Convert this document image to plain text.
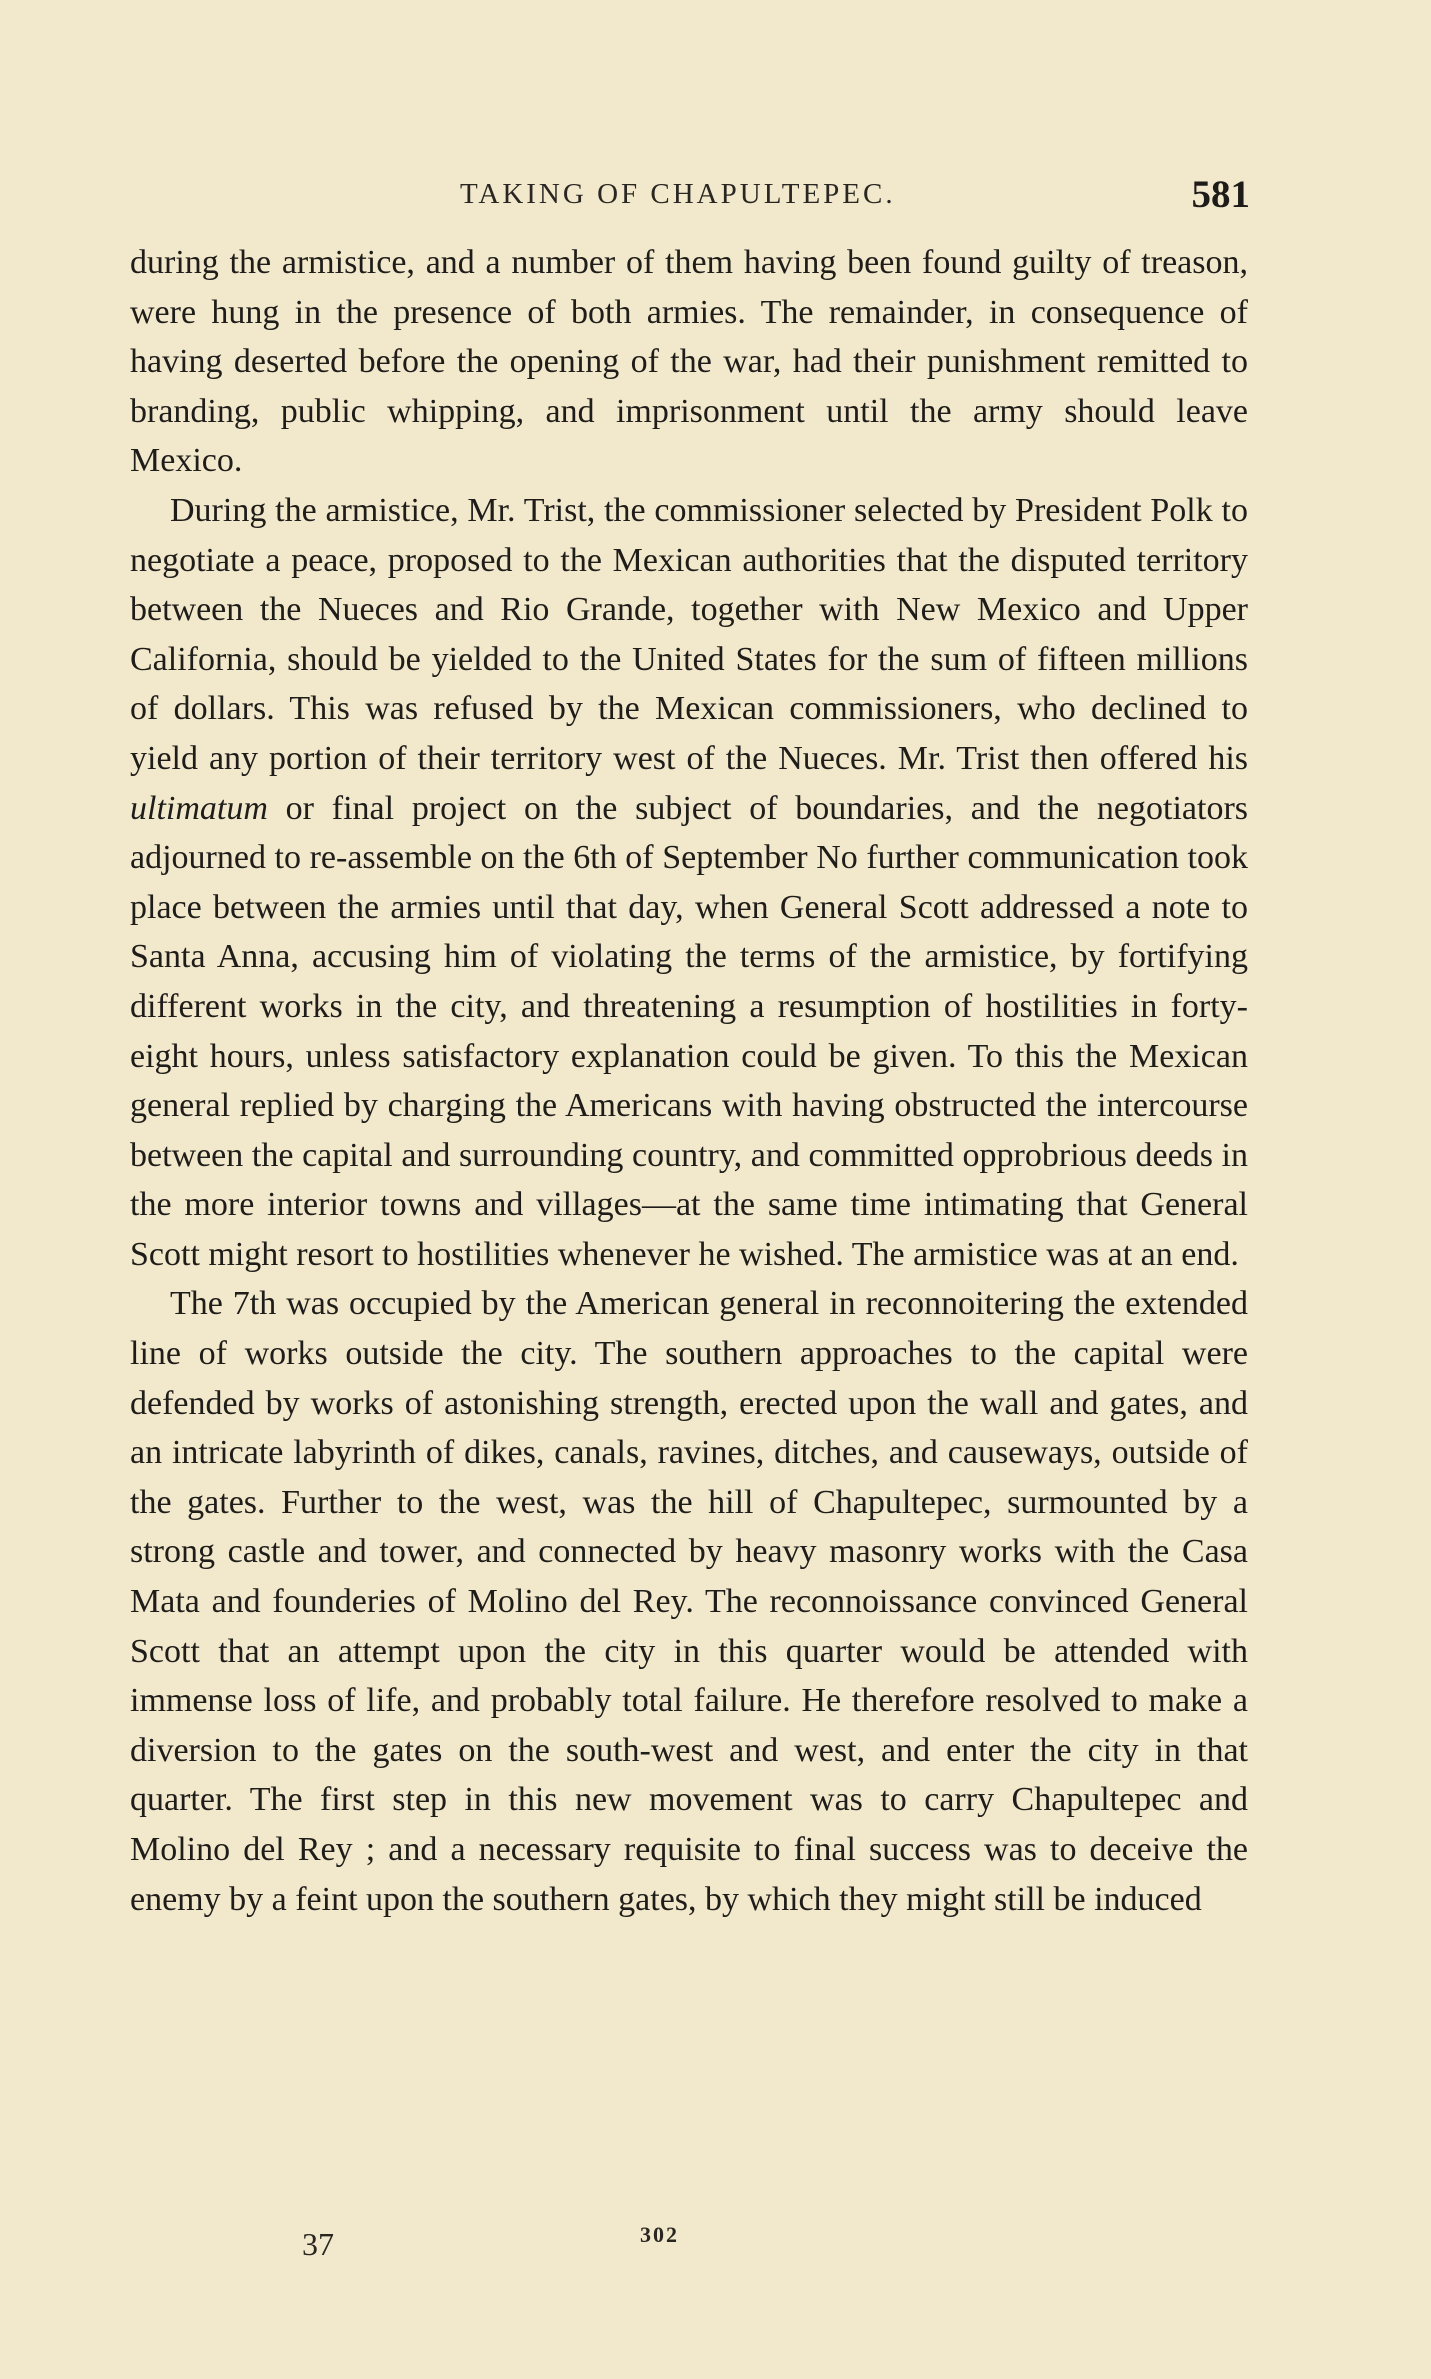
TAKING OF CHAPULTEPEC.	581

during the armistice, and a number of them having been found guilty of treason, were hung in the presence of both armies. The remainder, in consequence of having deserted before the opening of the war, had their punishment remitted to branding, public whipping, and imprisonment until the army should leave Mexico.

During the armistice, Mr. Trist, the commissioner selected by President Polk to negotiate a peace, proposed to the Mexican authorities that the disputed territory between the Nueces and Rio Grande, together with New Mexico and Upper California, should be yielded to the United States for the sum of fifteen millions of dollars. This was refused by the Mexican commissioners, who declined to yield any portion of their territory west of the Nueces. Mr. Trist then offered his ultimatum or final project on the subject of boundaries, and the negotiators adjourned to re-assemble on the 6th of September No further communication took place between the armies until that day, when General Scott addressed a note to Santa Anna, accusing him of violating the terms of the armistice, by fortifying different works in the city, and threatening a resumption of hostilities in forty-eight hours, unless satisfactory explanation could be given. To this the Mexican general replied by charging the Americans with having obstructed the intercourse between the capital and surrounding country, and committed opprobrious deeds in the more interior towns and villages—at the same time intimating that General Scott might resort to hostilities whenever he wished. The armistice was at an end.

The 7th was occupied by the American general in reconnoitering the extended line of works outside the city. The southern approaches to the capital were defended by works of astonishing strength, erected upon the wall and gates, and an intricate labyrinth of dikes, canals, ravines, ditches, and causeways, outside of the gates. Further to the west, was the hill of Chapultepec, surmounted by a strong castle and tower, and connected by heavy masonry works with the Casa Mata and founderies of Molino del Rey. The reconnoissance convinced General Scott that an attempt upon the city in this quarter would be attended with immense loss of life, and probably total failure. He therefore resolved to make a diversion to the gates on the south-west and west, and enter the city in that quarter. The first step in this new movement was to carry Chapultepec and Molino del Rey ; and a necessary requisite to final success was to deceive the enemy by a feint upon the southern gates, by which they might still be induced

37	302
